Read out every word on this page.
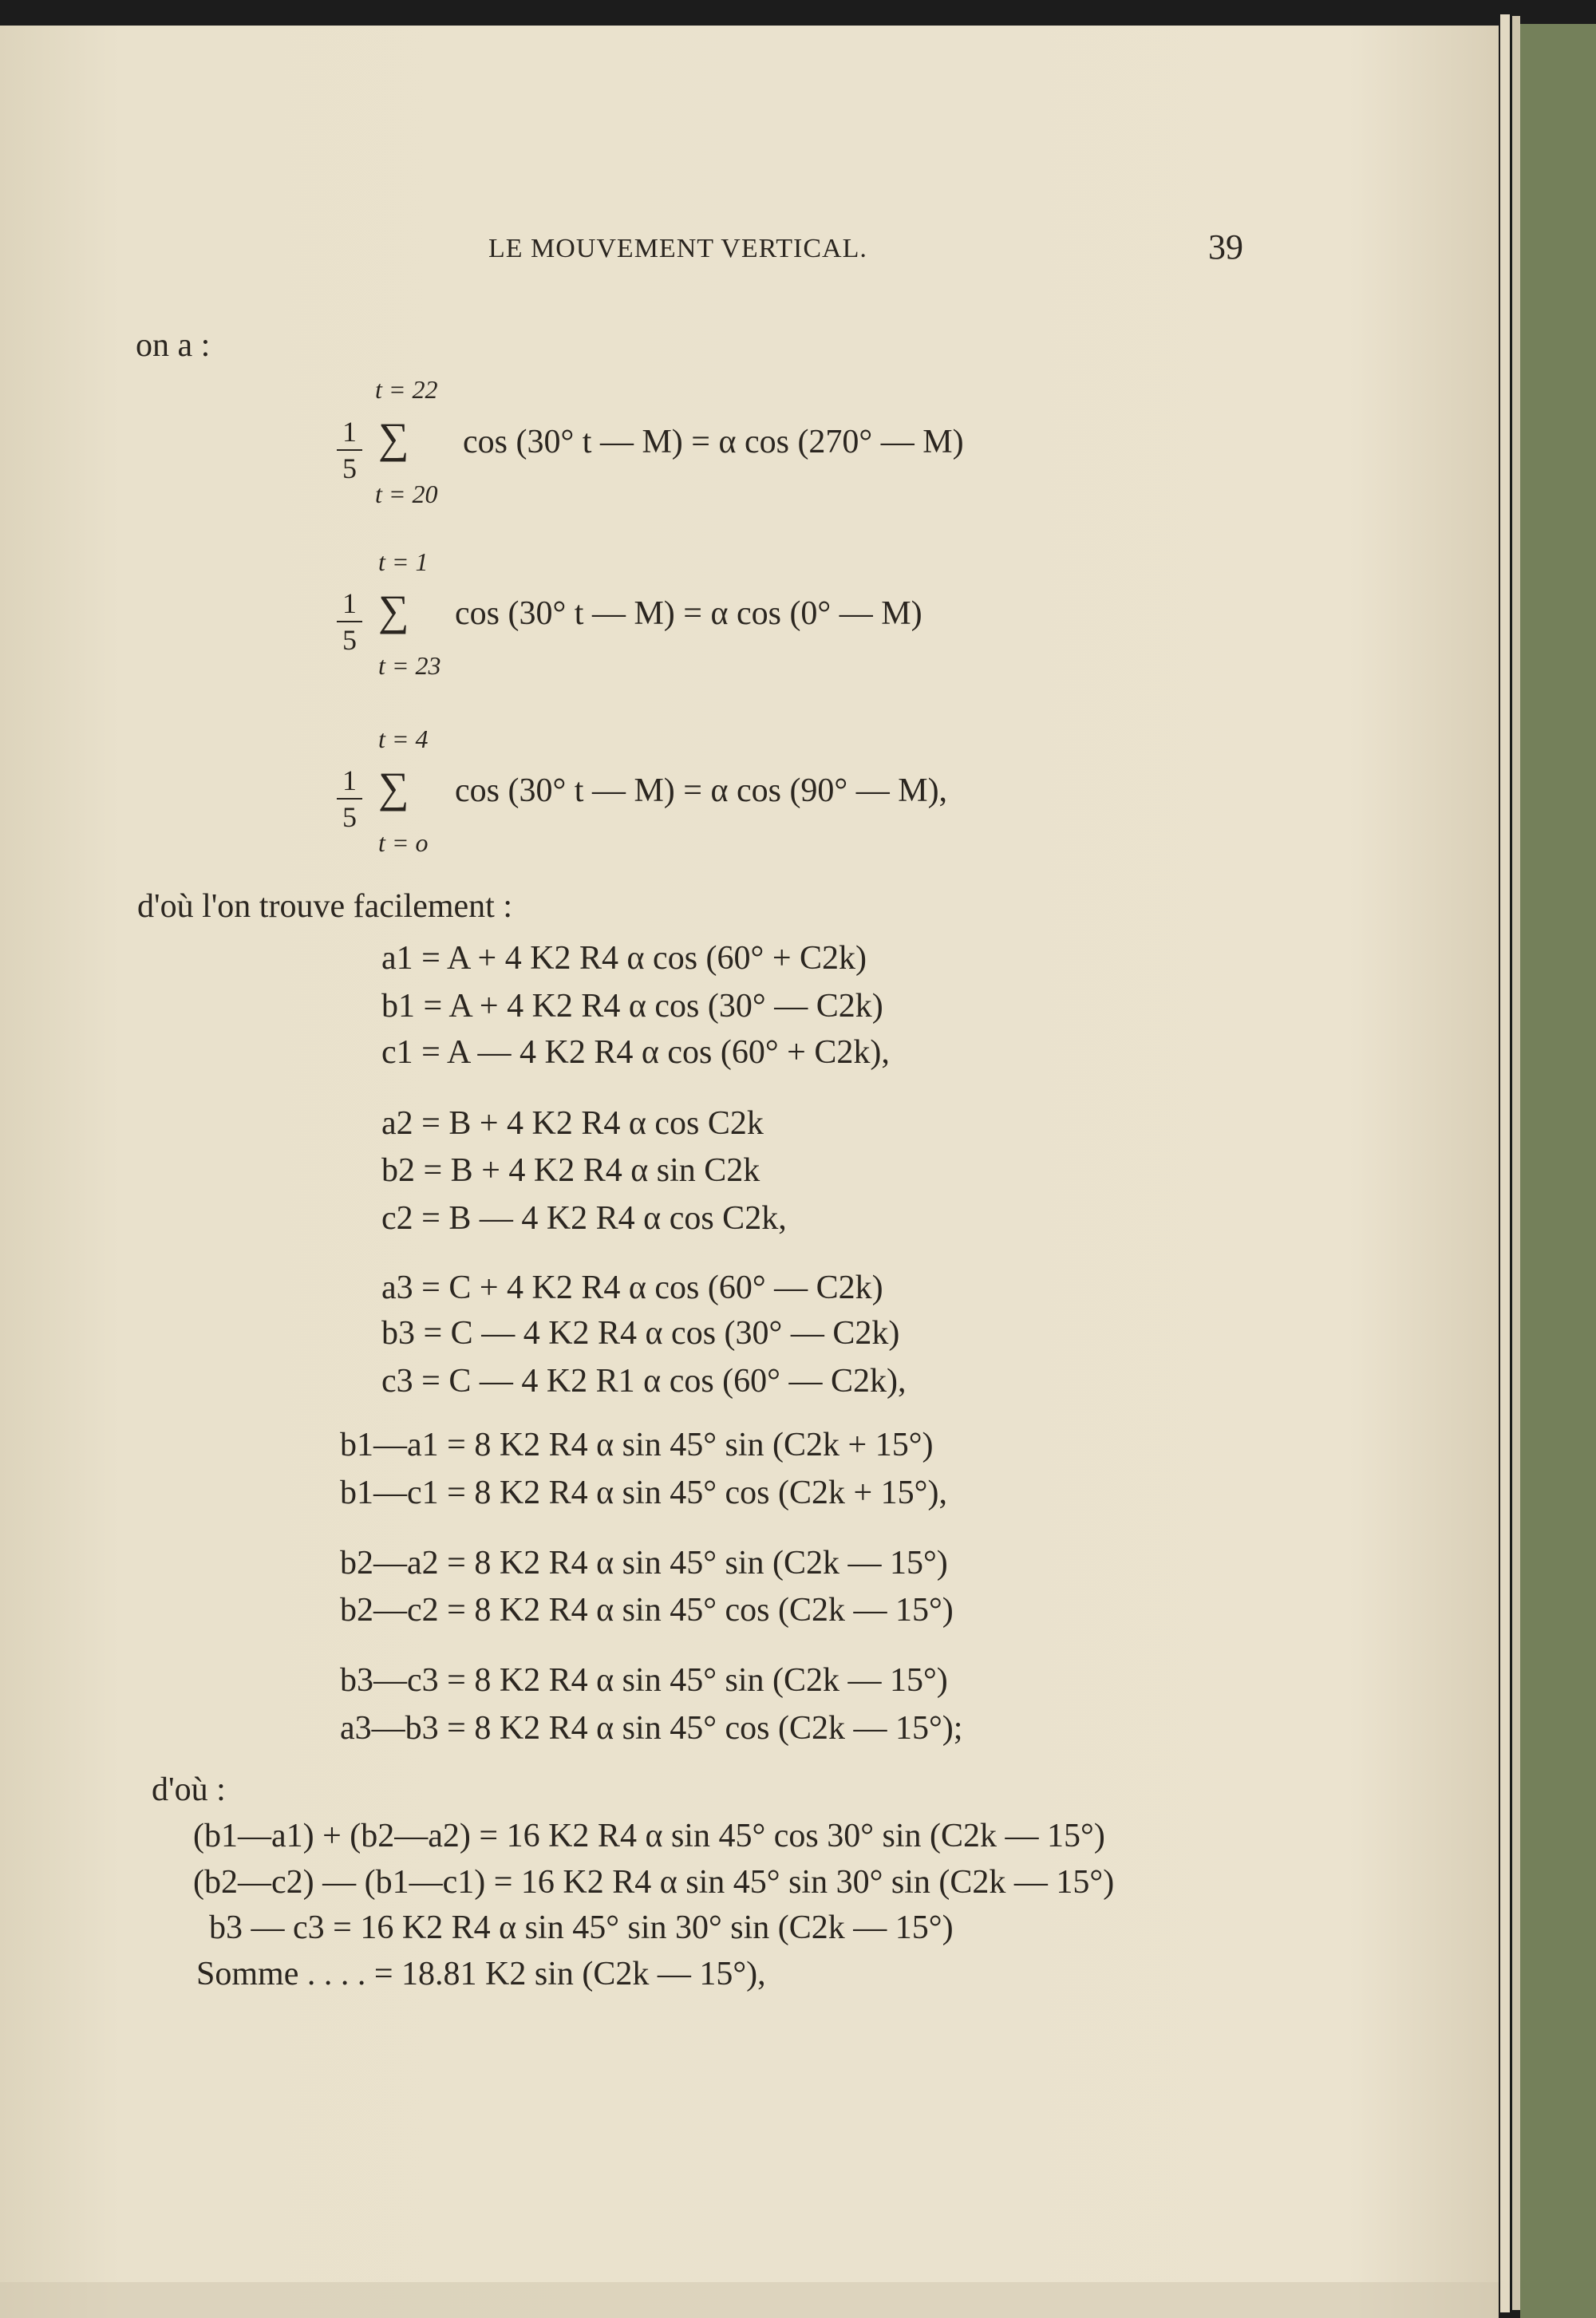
LE MOUVEMENT VERTICAL.	39
on a :
t = 22
1
5
∑ cos (30° t — M) = α cos (270° — M)
t = 20
t = 1
1
5
∑ cos (30° t — M) = α cos (0° — M)
t = 23
t = 4
1
5
∑ cos (30° t — M) = α cos (90° — M),
t = o
d'où l'on trouve facilement :
a1 = A + 4 K2 R4 α cos (60° + C2k)
b1 = A + 4 K2 R4 α cos (30° — C2k)
c1 = A — 4 K2 R4 α cos (60° + C2k),
a2 = B + 4 K2 R4 α cos C2k
b2 = B + 4 K2 R4 α sin C2k
c2 = B — 4 K2 R4 α cos C2k,
a3 = C + 4 K2 R4 α cos (60° — C2k)
b3 = C — 4 K2 R4 α cos (30° — C2k)
c3 = C — 4 K2 R1 α cos (60° — C2k),
b1—a1 = 8 K2 R4 α sin 45° sin (C2k + 15°)
b1—c1 = 8 K2 R4 α sin 45° cos (C2k + 15°),
b2—a2 = 8 K2 R4 α sin 45° sin (C2k — 15°)
b2—c2 = 8 K2 R4 α sin 45° cos (C2k — 15°)
b3—c3 = 8 K2 R4 α sin 45° sin (C2k — 15°)
a3—b3 = 8 K2 R4 α sin 45° cos (C2k — 15°);
d'où :
(b1—a1) + (b2—a2) = 16 K2 R4 α sin 45° cos 30° sin (C2k — 15°)
(b2—c2) — (b1—c1) = 16 K2 R4 α sin 45° sin 30° sin (C2k — 15°)
b3 — c3 = 16 K2 R4 α sin 45° sin 30° sin (C2k — 15°)
Somme . . . . = 18.81 K2 sin (C2k — 15°),
